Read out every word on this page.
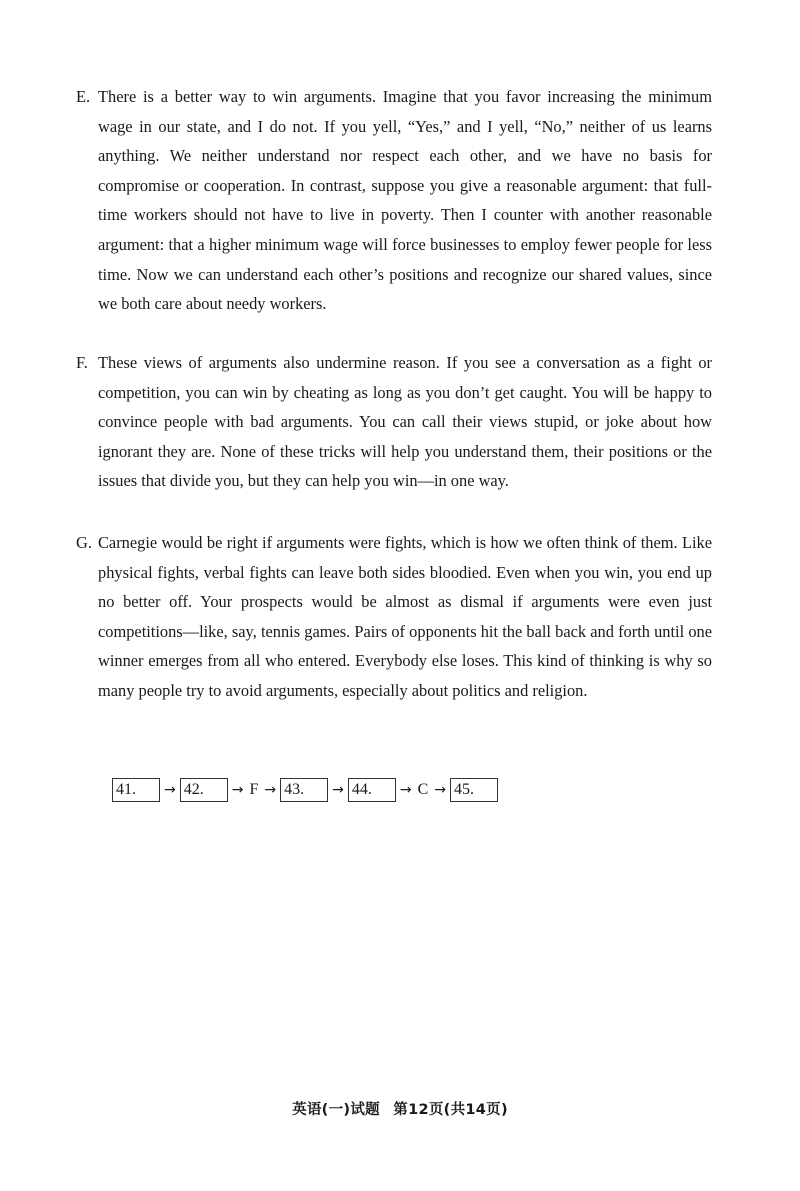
E. There is a better way to win arguments. Imagine that you favor increasing the minimum wage in our state, and I do not. If you yell, “Yes,” and I yell, “No,” neither of us learns anything. We neither understand nor respect each other, and we have no basis for compromise or cooperation. In contrast, suppose you give a reasonable argument: that full-time workers should not have to live in poverty. Then I counter with another reasonable argument: that a higher minimum wage will force businesses to employ fewer people for less time. Now we can understand each other’s positions and recognize our shared values, since we both care about needy workers.
F. These views of arguments also undermine reason. If you see a conversation as a fight or competition, you can win by cheating as long as you don’t get caught. You will be happy to convince people with bad arguments. You can call their views stupid, or joke about how ignorant they are. None of these tricks will help you understand them, their positions or the issues that divide you, but they can help you win—in one way.
G. Carnegie would be right if arguments were fights, which is how we often think of them. Like physical fights, verbal fights can leave both sides bloodied. Even when you win, you end up no better off. Your prospects would be almost as dismal if arguments were even just competitions—like, say, tennis games. Pairs of opponents hit the ball back and forth until one winner emerges from all who entered. Everybody else loses. This kind of thinking is why so many people try to avoid arguments, especially about politics and religion.
41.	→ 42.	→ F → 43.	→ 44.	→ C → 45.
英语(一)试题 第12页(共14页)
